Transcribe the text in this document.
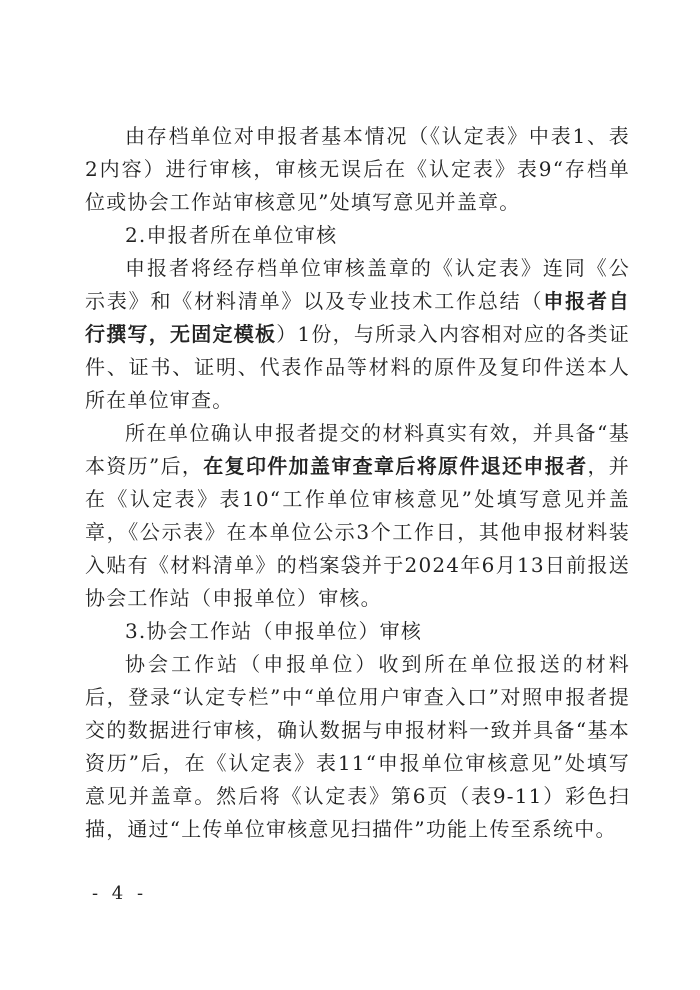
由存档单位对申报者基本情况（《认定表》中表1、表2内容）进行审核，审核无误后在《认定表》表9“存档单位或协会工作站审核意见”处填写意见并盖章。

2.申报者所在单位审核

申报者将经存档单位审核盖章的《认定表》连同《公示表》和《材料清单》以及专业技术工作总结（申报者自行撰写，无固定模板）1份，与所录入内容相对应的各类证件、证书、证明、代表作品等材料的原件及复印件送本人所在单位审查。

所在单位确认申报者提交的材料真实有效，并具备“基本资历”后，在复印件加盖审查章后将原件退还申报者，并在《认定表》表10“工作单位审核意见”处填写意见并盖章，《公示表》在本单位公示3个工作日，其他申报材料装入贴有《材料清单》的档案袋并于2024年6月13日前报送协会工作站（申报单位）审核。

3.协会工作站（申报单位）审核

协会工作站（申报单位）收到所在单位报送的材料后，登录“认定专栏”中“单位用户审查入口”对照申报者提交的数据进行审核，确认数据与申报材料一致并具备“基本资历”后，在《认定表》表11“申报单位审核意见”处填写意见并盖章。然后将《认定表》第6页（表9-11）彩色扫描，通过“上传单位审核意见扫描件”功能上传至系统中。

- 4 -
